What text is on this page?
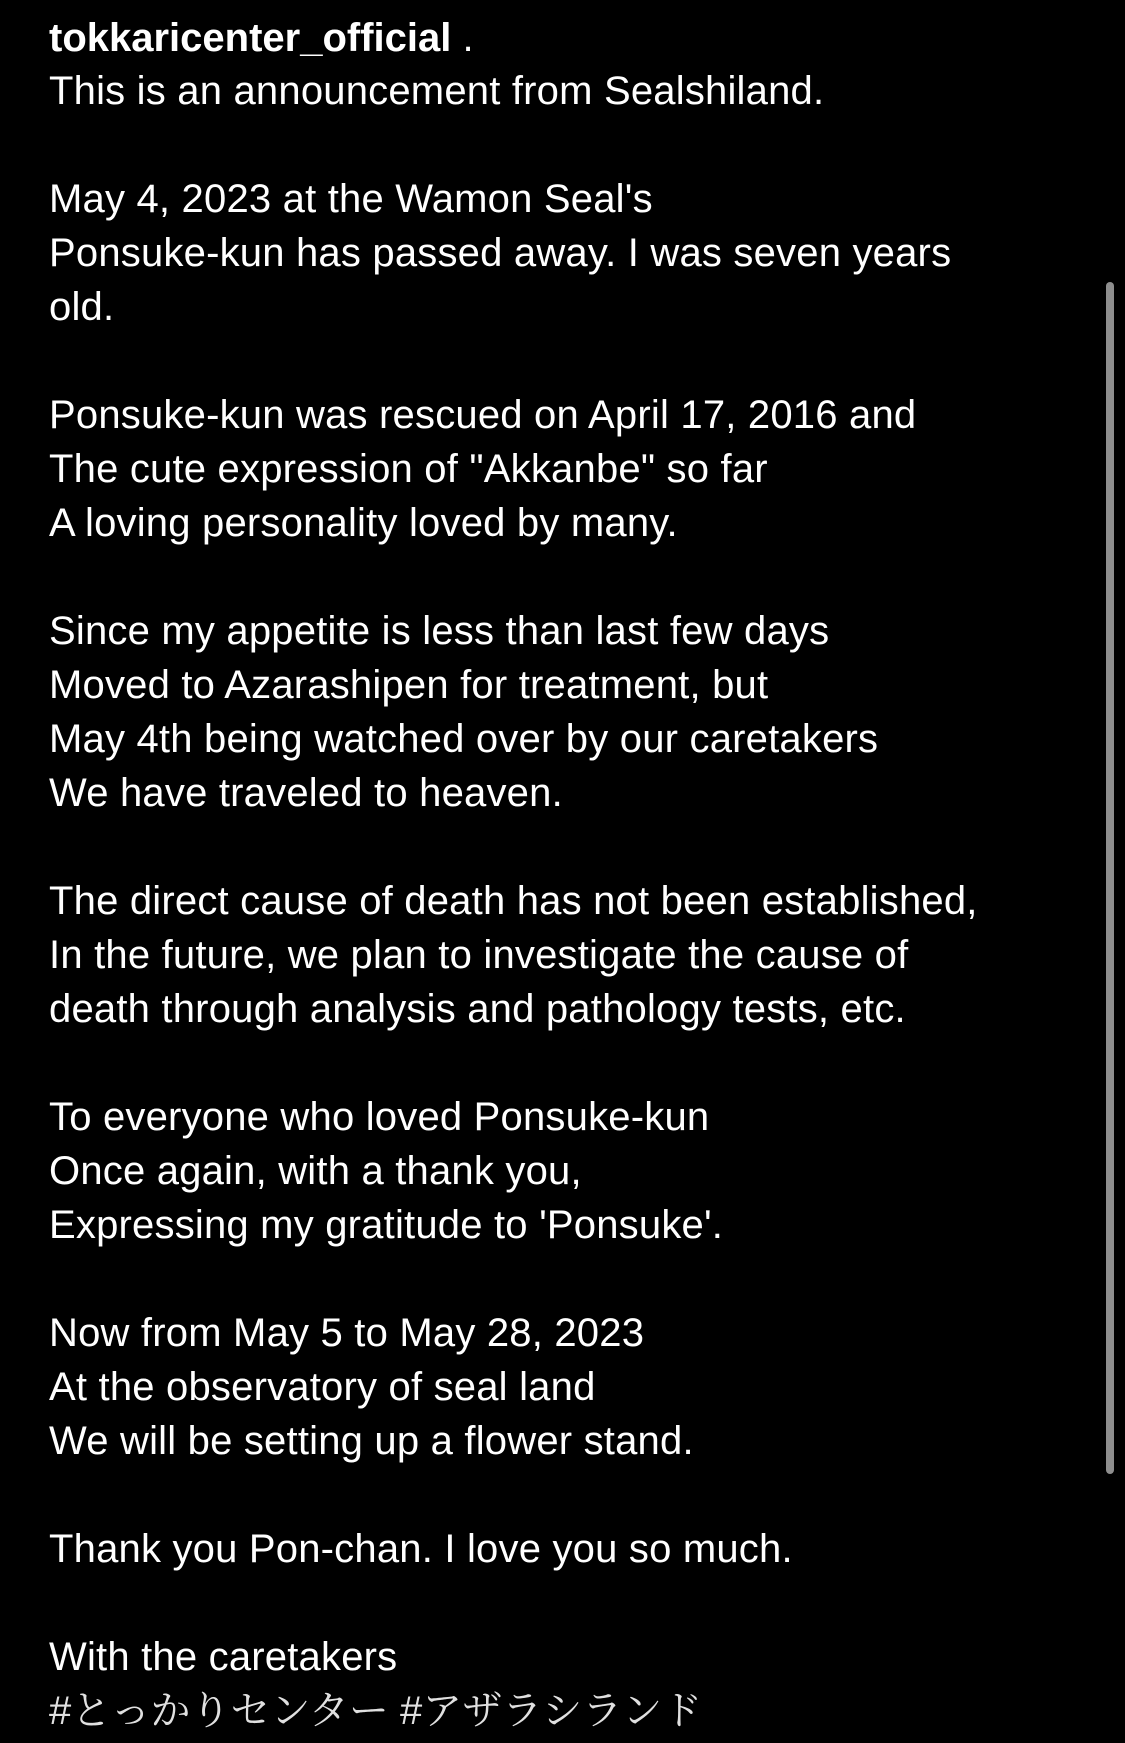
tokkaricenter_official .
This is an announcement from Sealshiland.
May 4, 2023 at the Wamon Seal's
Ponsuke-kun has passed away. I was seven years
old.
Ponsuke-kun was rescued on April 17, 2016 and
The cute expression of "Akkanbe" so far
A loving personality loved by many.
Since my appetite is less than last few days
Moved to Azarashipen for treatment, but
May 4th being watched over by our caretakers
We have traveled to heaven.
The direct cause of death has not been established,
In the future, we plan to investigate the cause of
death through analysis and pathology tests, etc.
To everyone who loved Ponsuke-kun
Once again, with a thank you,
Expressing my gratitude to 'Ponsuke'.
Now from May 5 to May 28, 2023
At the observatory of seal land
We will be setting up a flower stand.
Thank you Pon-chan. I love you so much.
With the caretakers
#とっかりセンター #アザラシランド
